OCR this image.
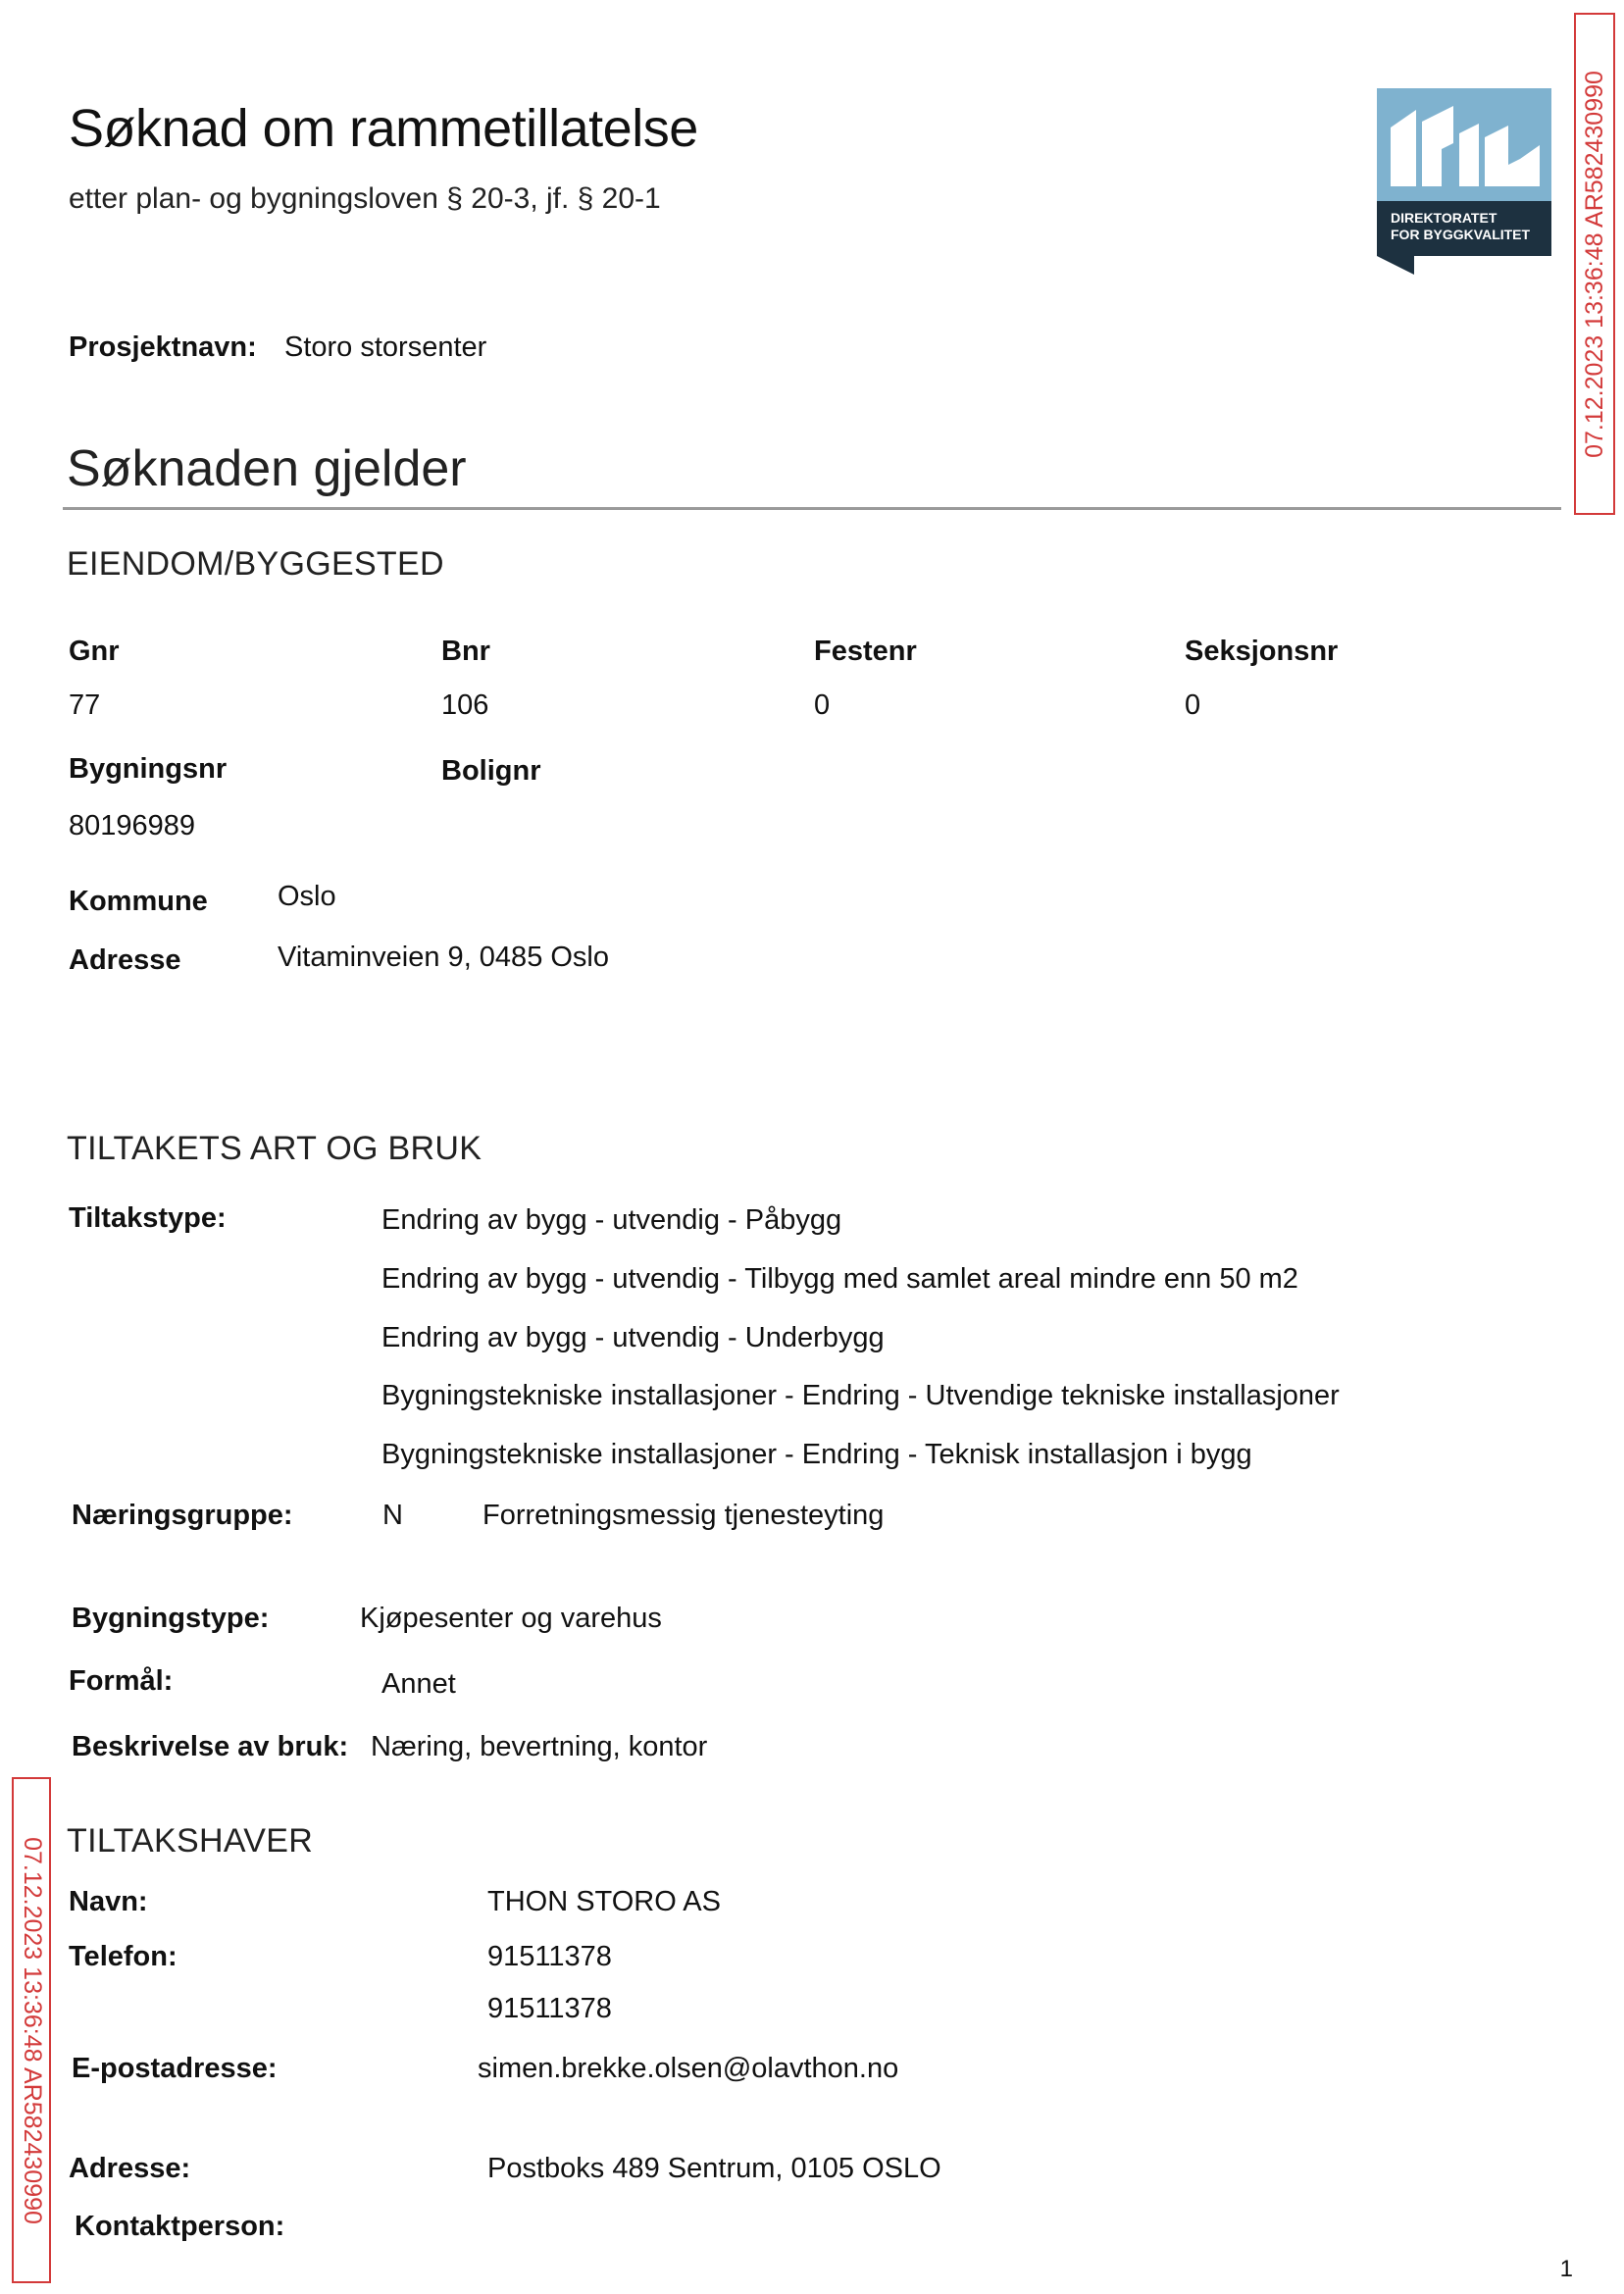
Søknad om rammetillatelse
etter plan- og bygningsloven § 20-3, jf. § 20-1
DIREKTORATET
FOR BYGGKVALITET 07.12.2023 13:36:48 AR582430990
07.12.2023 13:36:48 AR582430990
Prosjektnavn: Storo storsenter
Søknaden gjelder
EIENDOM/BYGGESTED
Gnr	Bnr	Festenr	Seksjonsnr
77	106	0	0
Bygningsnr	Bolignr
80196989
Kommune Oslo
Adresse	Vitaminveien 9, 0485 Oslo
TILTAKETS ART OG BRUK
Tiltakstype:	Endring av bygg - utvendig - Påbygg
Endring av bygg - utvendig - Tilbygg med samlet areal mindre enn 50 m2
Endring av bygg - utvendig - Underbygg
Bygningstekniske installasjoner - Endring - Utvendige tekniske installasjoner
Bygningstekniske installasjoner - Endring - Teknisk installasjon i bygg
Næringsgruppe:	N	Forretningsmessig tjenesteyting
Bygningstype:	Kjøpesenter og varehus
Formål:	Annet
Beskrivelse av bruk: Næring, bevertning, kontor
TILTAKSHAVER
Navn:	THON STORO AS
Telefon:	91511378
91511378
E-postadresse:	simen.brekke.olsen@olavthon.no
Adresse:	Postboks 489 Sentrum, 0105 OSLO
Kontaktperson:
1
